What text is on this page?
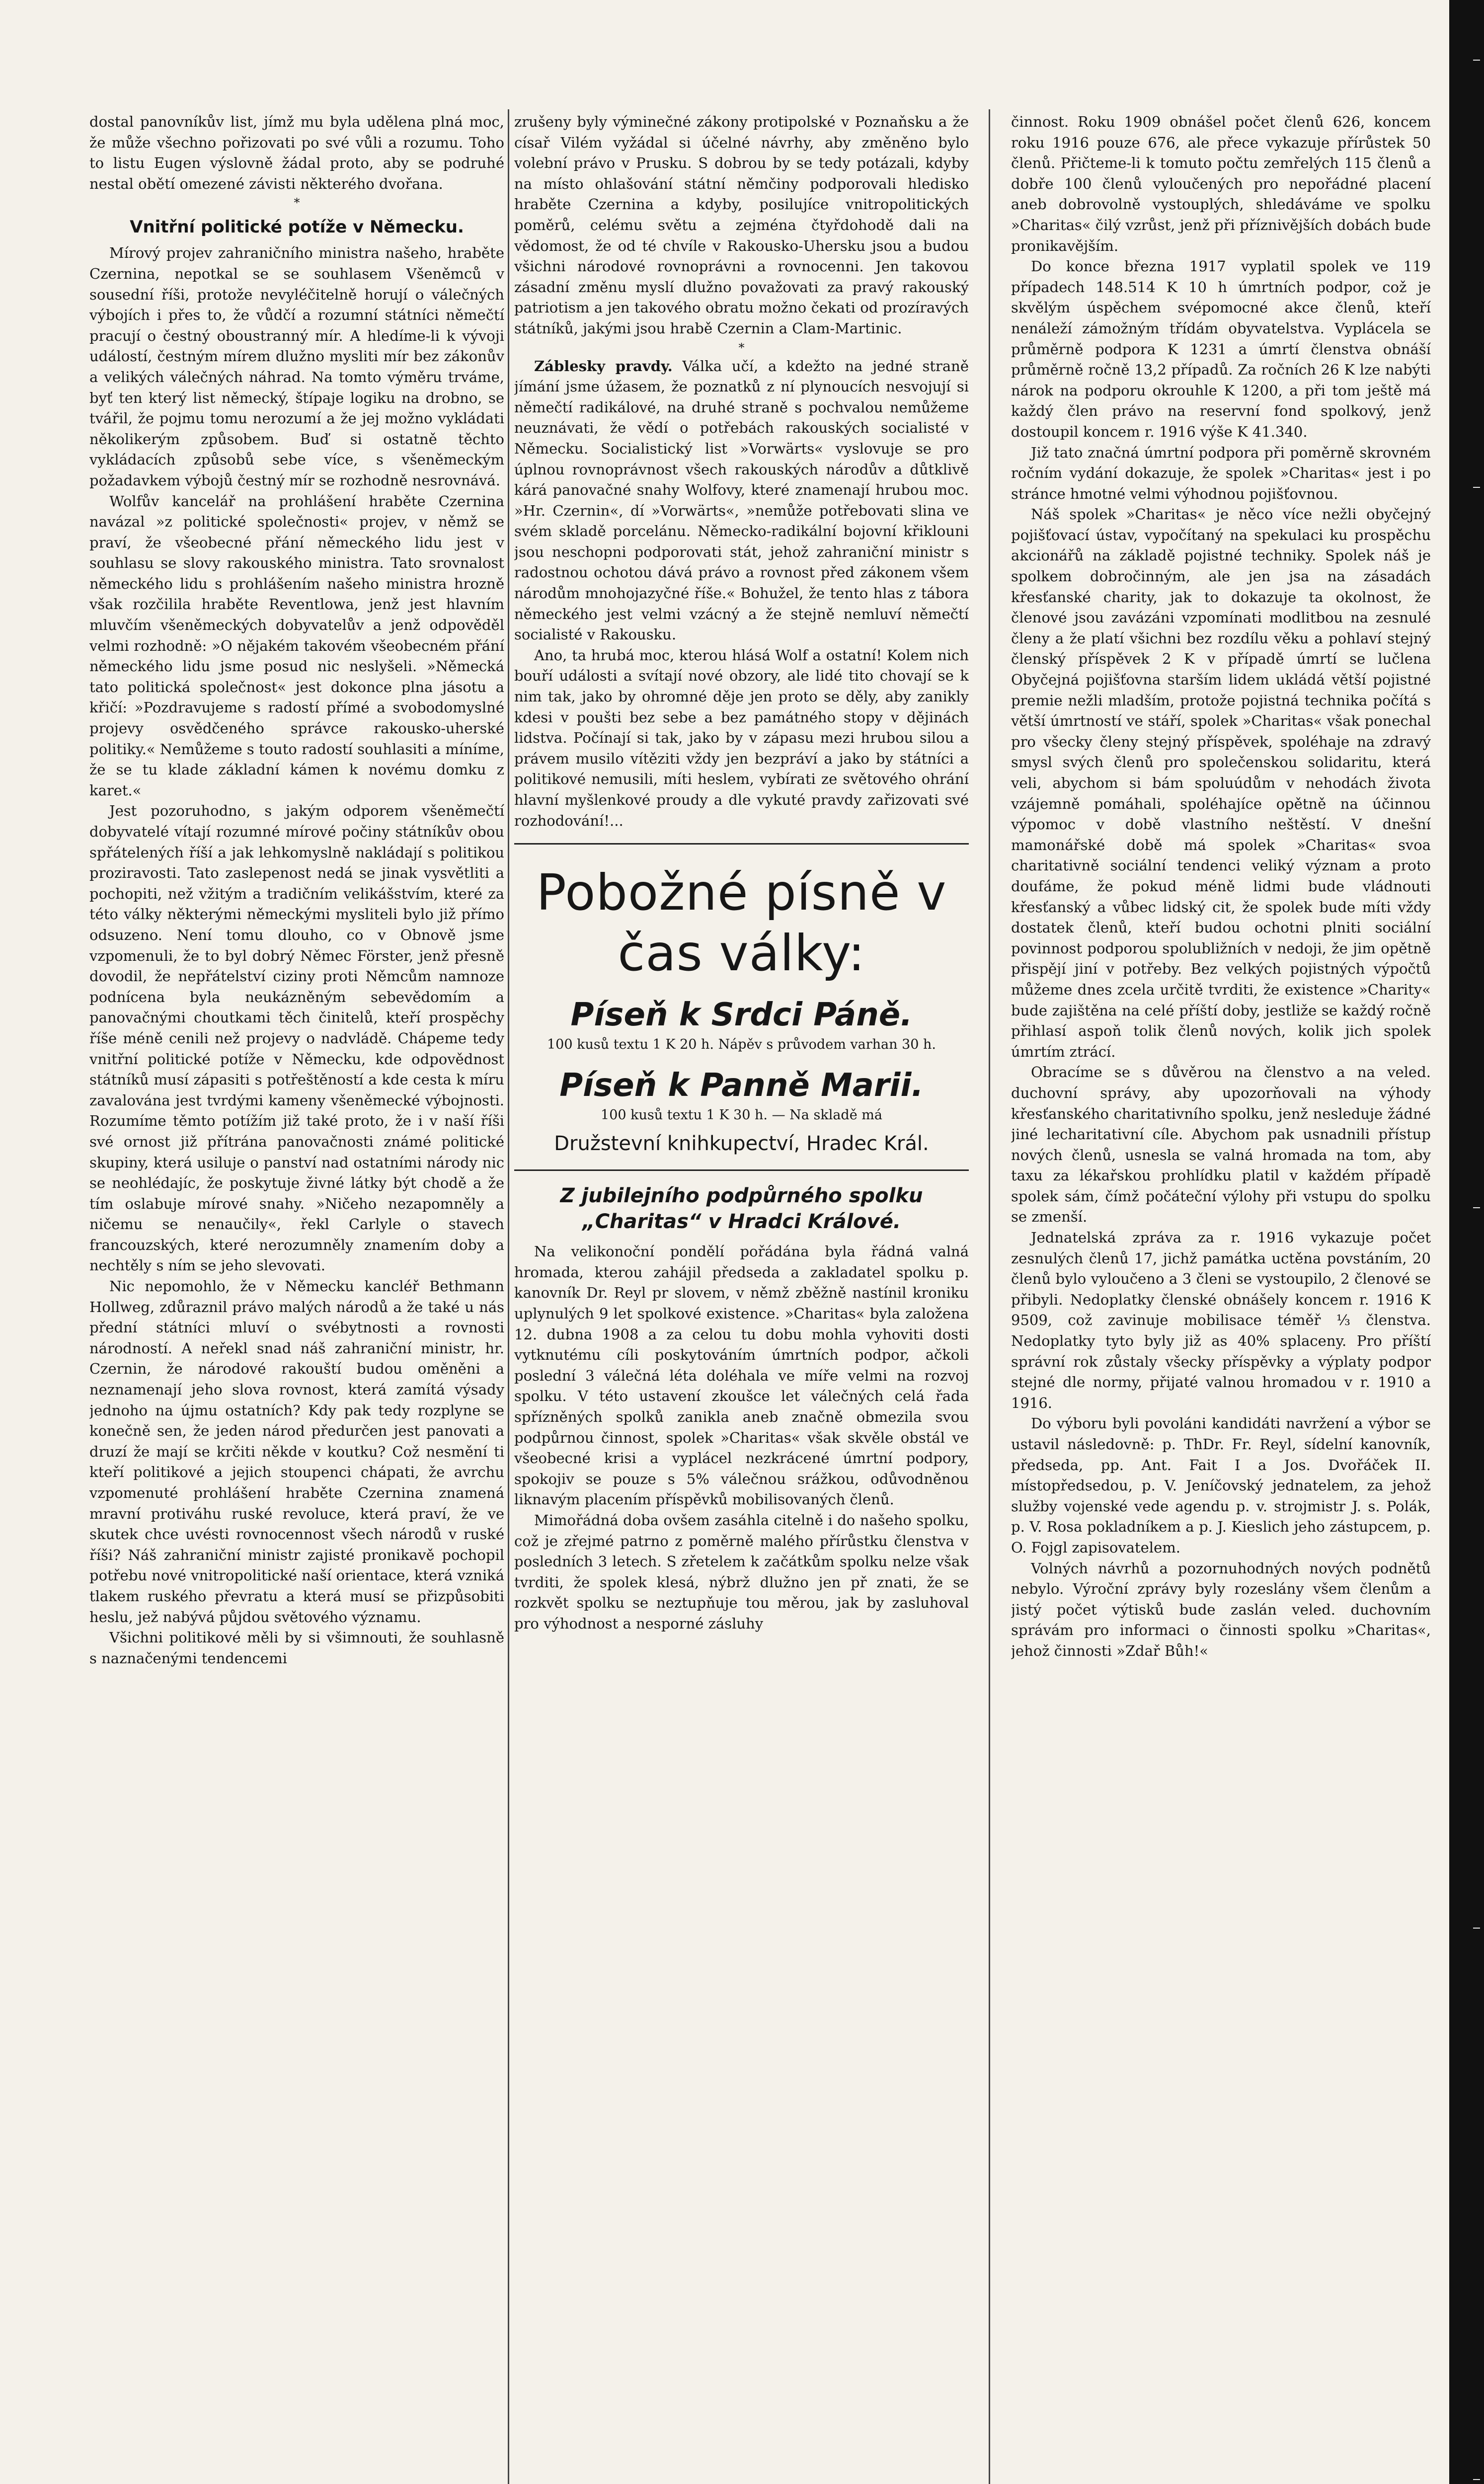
dostal panovníkův list, jímž mu byla udělena plná moc, že může všechno pořizovati po své vůli a rozumu. Toho to listu Eugen výslovně žádal proto, aby se podruhé nestal obětí omezené závisti některého dvořana.

*
Vnitřní politické potíže v Německu.

Mírový projev zahraničního ministra našeho, hraběte Czernina, nepotkal se se souhlasem Všeněmců v sousední říši, protože nevyléčitelně horují o válečných výbojích i přes to, že vůdčí a rozumní státníci němečtí pracují o čestný oboustranný mír. A hledíme-li k vývoji událostí, čestným mírem dlužno mysliti mír bez zákonův a velikých válečných náhrad. Na tomto výměru trváme, byť ten který list německý, štípaje logiku na drobno, se tvářil, že pojmu tomu nerozumí a že jej možno vykládati několikerým způsobem. Buď si ostatně těchto vykládacích způsobů sebe více, s všeněmeckým požadavkem výbojů čestný mír se rozhodně nesrovnává.

Wolfův kancelář na prohlášení hraběte Czernina navázal »z politické společnosti« projev, v němž se praví, že všeobecné přání německého lidu jest v souhlasu se slovy rakouského ministra. Tato srovnalost německého lidu s prohlášením našeho ministra hrozně však rozčilila hraběte Reventlowa, jenž jest hlavním mluvčím všeněmeckých dobyvatelův a jenž odpověděl velmi rozhodně: »O nějakém takovém všeobecném přání německého lidu jsme posud nic neslyšeli. »Německá tato politická společnost« jest dokonce plna jásotu a křičí: »Pozdravujeme s radostí přímé a svobodomyslné projevy osvědčeného správce rakousko-uherské politiky.« Nemůžeme s touto radostí souhlasiti a míníme, že se tu klade základní kámen k novému domku z karet.«

Jest pozoruhodno, s jakým odporem všeněmečtí dobyvatelé vítají rozumné mírové počiny státníkův obou spřátelených říší a jak lehkomyslně nakládají s politikou proziravosti. Tato zaslepenost nedá se jinak vysvětliti a pochopiti, než vžitým a tradičním velikášstvím, které za této války některými německými mysliteli bylo již přímo odsuzeno. Není tomu dlouho, co v Obnově jsme vzpomenuli, že to byl dobrý Němec Förster, jenž přesně dovodil, že nepřátelství ciziny proti Němcům namnoze podnícena byla neukázněným sebevědomím a panovačnými choutkami těch činitelů, kteří prospěchy říše méně cenili než projevy o nadvládě. Chápeme tedy vnitřní politické potíže v Německu, kde odpovědnost státníků musí zápasiti s potřeštěností a kde cesta k míru zavalována jest tvrdými kameny všeněmecké výbojnosti. Rozumíme těmto potížím již také proto, že i v naší říši své ornost již přítrána panovačnosti známé politické skupiny, která usiluje o panství nad ostatními národy nic se neohlédajíc, že poskytuje živné látky být chodě a že tím oslabuje mírové snahy. »Ničeho nezapomněly a ničemu se nenaučily«, řekl Carlyle o stavech francouzských, které nerozumněly znamením doby a nechtěly s ním se jeho slevovati.

Nic nepomohlo, že v Německu kancléř Bethmann Hollweg, zdůraznil právo malých národů a že také u nás přední státníci mluví o svébytnosti a rovnosti národností. A neřekl snad náš zahraniční ministr, hr. Czernin, že národové rakouští budou oměněni a neznamenají jeho slova rovnost, která zamítá výsady jednoho na újmu ostatních? Kdy pak tedy rozplyne se konečně sen, že jeden národ předurčen jest panovati a druzí že mají se krčiti někde v koutku? Což nesmění ti kteří politikové a jejich stoupenci chápati, že avrchu vzpomenuté prohlášení hraběte Czernina znamená mravní protiváhu ruské revoluce, která praví, že ve skutek chce uvésti rovnocennost všech národů v ruské říši? Náš zahraniční ministr zajisté pronikavě pochopil potřebu nové vnitropolitické naší orientace, která vzniká tlakem ruského převratu a která musí se přizpůsobiti heslu, jež nabývá půjdou světového významu.

Všichni politikové měli by si všimnouti, že souhlasně s naznačenými tendencemi

zrušeny byly výminečné zákony protipolské v Poznaňsku a že císař Vilém vyžádal si účelné návrhy, aby změněno bylo volební právo v Prusku. S dobrou by se tedy potázali, kdyby na místo ohlašování státní němčiny podporovali hledisko hraběte Czernina a kdyby, posilujíce vnitropolitických poměrů, celému světu a zejména čtyřdohodě dali na vědomost, že od té chvíle v Rakousko-Uhersku jsou a budou všichni národové rovnoprávni a rovnocenni. Jen takovou zásadní změnu myslí dlužno považovati za pravý rakouský patriotism a jen takového obratu možno čekati od prozíravých státníků, jakými jsou hrabě Czernin a Clam-Martinic.

*

Záblesky pravdy. Válka učí, a kdežto na jedné straně jímání jsme úžasem, že poznatků z ní plynoucích nesvojují si němečtí radikálové, na druhé straně s pochvalou nemůžeme neuznávati, že vědí o potřebách rakouských socialisté v Německu. Socialistický list »Vorwärts« vyslovuje se pro úplnou rovnoprávnost všech rakouských národův a důtklivě kárá panovačné snahy Wolfovy, které znamenají hrubou moc. »Hr. Czernin«, dí »Vorwärts«, »nemůže potřebovati slina ve svém skladě porcelánu. Německo-radikální bojovní křiklouni jsou neschopni podporovati stát, jehož zahraniční ministr s radostnou ochotou dává právo a rovnost před zákonem všem národům mnohojazyčné říše.« Bohužel, že tento hlas z tábora německého jest velmi vzácný a že stejně nemluví němečtí socialisté v Rakousku.

Ano, ta hrubá moc, kterou hlásá Wolf a ostatní! Kolem nich bouří události a svítají nové obzory, ale lidé tito chovají se k nim tak, jako by ohromné děje jen proto se děly, aby zanikly kdesi v poušti bez sebe a bez památného stopy v dějinách lidstva. Počínají si tak, jako by v zápasu mezi hrubou silou a právem musilo vítěziti vždy jen bezpráví a jako by státníci a politikové nemusili, míti heslem, vybírati ze světového ohrání hlavní myšlenkové proudy a dle vykuté pravdy zařizovati své rozhodování!...

Pobožné písně v čas války:
Píseň k Srdci Páně.
100 kusů textu 1 K 20 h. Nápěv s průvodem varhan 30 h.
Píseň k Panně Marii.
100 kusů textu 1 K 30 h. — Na skladě má
Družstevní knihkupectví, Hradec Král.
Z jubilejního podpůrného spolku „Charitas“ v Hradci Králové.

Na velikonoční pondělí pořádána byla řádná valná hromada, kterou zahájil předseda a zakladatel spolku p. kanovník Dr. Reyl pr slovem, v němž zběžně nastínil kroniku uplynulých 9 let spolkové existence. »Charitas« byla založena 12. dubna 1908 a za celou tu dobu mohla vyhoviti dosti vytknutému cíli poskytováním úmrtních podpor, ačkoli poslední 3 válečná léta doléhala ve míře velmi na rozvoj spolku. V této ustavení zkoušce let válečných celá řada spřízněných spolků zanikla aneb značně obmezila svou podpůrnou činnost, spolek »Charitas« však skvěle obstál ve všeobecné krisi a vyplácel nezkrácené úmrtní podpory, spokojiv se pouze s 5% válečnou srážkou, odůvodněnou liknavým placením příspěvků mobilisovaných členů.

Mimořádná doba ovšem zasáhla citelně i do našeho spolku, což je zřejmé patrno z poměrně malého přírůstku členstva v posledních 3 letech. S zřetelem k začátkům spolku nelze však tvrditi, že spolek klesá, nýbrž dlužno jen př znati, že se rozkvět spolku se neztupňuje tou měrou, jak by zasluhoval pro výhodnost a nesporné zásluhy

činnost. Roku 1909 obnášel počet členů 626, koncem roku 1916 pouze 676, ale přece vykazuje přírůstek 50 členů. Přičteme-li k tomuto počtu zemřelých 115 členů a dobře 100 členů vyloučených pro nepořádné placení aneb dobrovolně vystouplých, shledáváme ve spolku »Charitas« čilý vzrůst, jenž při příznivějších dobách bude pronikavějším.

Do konce března 1917 vyplatil spolek ve 119 případech 148.514 K 10 h úmrtních podpor, což je skvělým úspěchem svépomocné akce členů, kteří nenáleží zámožným třídám obyvatelstva. Vyplácela se průměrně podpora K 1231 a úmrtí členstva obnáší průměrně ročně 13,2 případů. Za ročních 26 K lze nabýti nárok na podporu okrouhle K 1200, a při tom ještě má každý člen právo na reservní fond spolkový, jenž dostoupil koncem r. 1916 výše K 41.340.

Již tato značná úmrtní podpora při poměrně skrovném ročním vydání dokazuje, že spolek »Charitas« jest i po stránce hmotné velmi výhodnou pojišťovnou.

Náš spolek »Charitas« je něco více nežli obyčejný pojišťovací ústav, vypočítaný na spekulaci ku prospěchu akcionářů na základě pojistné techniky. Spolek náš je spolkem dobročinným, ale jen jsa na zásadách křesťanské charity, jak to dokazuje ta okolnost, že členové jsou zavázáni vzpomínati modlitbou na zesnulé členy a že platí všichni bez rozdílu věku a pohlaví stejný členský příspěvek 2 K v případě úmrtí se lučlena Obyčejná pojišťovna starším lidem ukládá větší pojistné premie nežli mladším, protože pojistná technika počítá s větší úmrtností ve stáří, spolek »Charitas« však ponechal pro všecky členy stejný příspěvek, spoléhaje na zdravý smysl svých členů pro společenskou solidaritu, která veli, abychom si bám spoluúdům v nehodách života vzájemně pomáhali, spoléhajíce opětně na účinnou výpomoc v době vlastního neštěstí. V dnešní mamonářské době má spolek »Charitas« svoa charitativně sociální tendenci veliký význam a proto doufáme, že pokud méně lidmi bude vládnouti křesťanský a vůbec lidský cit, že spolek bude míti vždy dostatek členů, kteří budou ochotni plniti sociální povinnost podporou spolubližních v nedoji, že jim opětně přispějí jiní v potřeby. Bez velkých pojistných výpočtů můžeme dnes zcela určitě tvrditi, že existence »Charity« bude zajištěna na celé příští doby, jestliže se každý ročně přihlasí aspoň tolik členů nových, kolik jich spolek úmrtím ztrácí.

Obracíme se s důvěrou na členstvo a na veled. duchovní správy, aby upozorňovali na výhody křesťanského charitativního spolku, jenž nesleduje žádné jiné lecharitativní cíle. Abychom pak usnadnili přístup nových členů, usnesla se valná hromada na tom, aby taxu za lékařskou prohlídku platil v každém případě spolek sám, čímž počáteční výlohy při vstupu do spolku se zmenší.

Jednatelská zpráva za r. 1916 vykazuje počet zesnulých členů 17, jichž památka uctěna povstáním, 20 členů bylo vyloučeno a 3 členi se vystoupilo, 2 členové se přibyli. Nedoplatky členské obnášely koncem r. 1916 K 9509, což zavinuje mobilisace téměř ⅓ členstva. Nedoplatky tyto byly již as 40% splaceny. Pro příští správní rok zůstaly všecky příspěvky a výplaty podpor stejné dle normy, přijaté valnou hromadou v r. 1910 a 1916.

Do výboru byli povoláni kandidáti navržení a výbor se ustavil následovně: p. ThDr. Fr. Reyl, sídelní kanovník, předseda, pp. Ant. Fait I a Jos. Dvořáček II. místopředsedou, p. V. Jeníčovský jednatelem, za jehož služby vojenské vede agendu p. v. strojmistr J. s. Polák, p. V. Rosa pokladníkem a p. J. Kieslich jeho zástupcem, p. O. Fojgl zapisovatelem.

Volných návrhů a pozornuhodných nových podnětů nebylo. Výroční zprávy byly rozeslány všem členům a jistý počet výtisků bude zaslán veled. duchovním správám pro informaci o činnosti spolku »Charitas«, jehož činnosti »Zdař Bůh!«
